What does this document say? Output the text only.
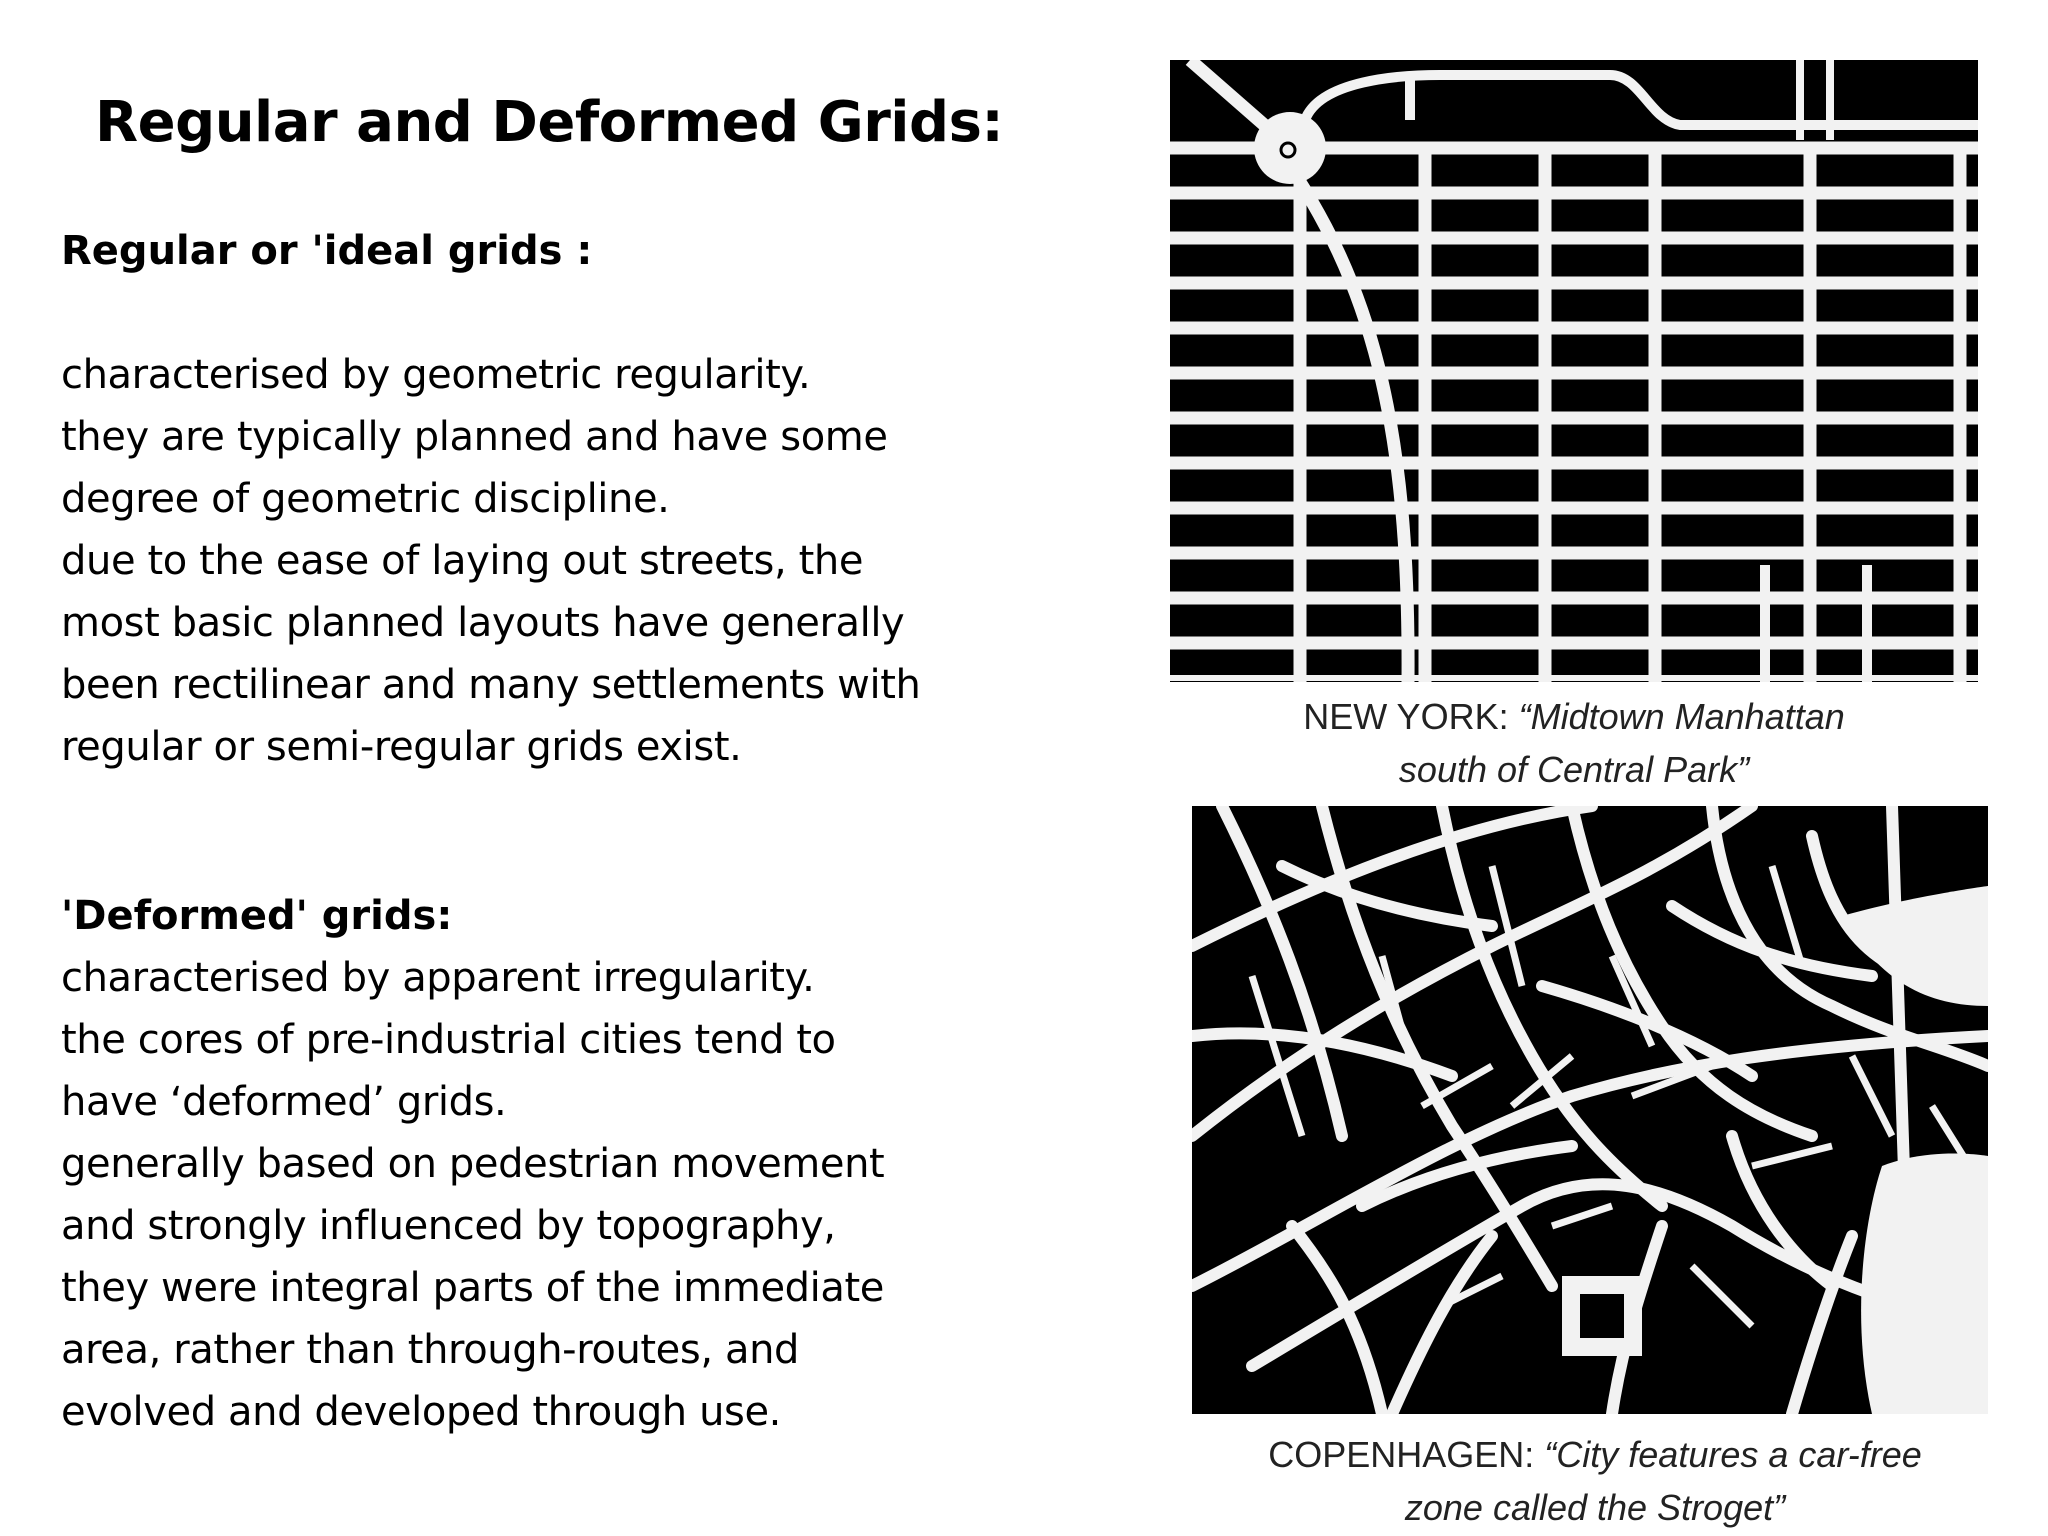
Regular and Deformed Grids:

Regular or 'ideal grids :

characterised by geometric regularity.

they are typically planned and have some

degree of geometric discipline.

due to the ease of laying out streets, the

most basic planned layouts have generally

been rectilinear and many settlements with

regular or semi-regular grids exist.

'Deformed' grids:

characterised by apparent irregularity.

the cores of pre-industrial cities tend to

have ‘deformed’ grids.

generally based on pedestrian movement

and strongly influenced by topography,

they were integral parts of the immediate

area, rather than through-routes, and

evolved and developed through use.

NEW YORK: “Midtown Manhattan
south of Central Park”
COPENHAGEN: “City features a car-free
zone called the Stroget”
